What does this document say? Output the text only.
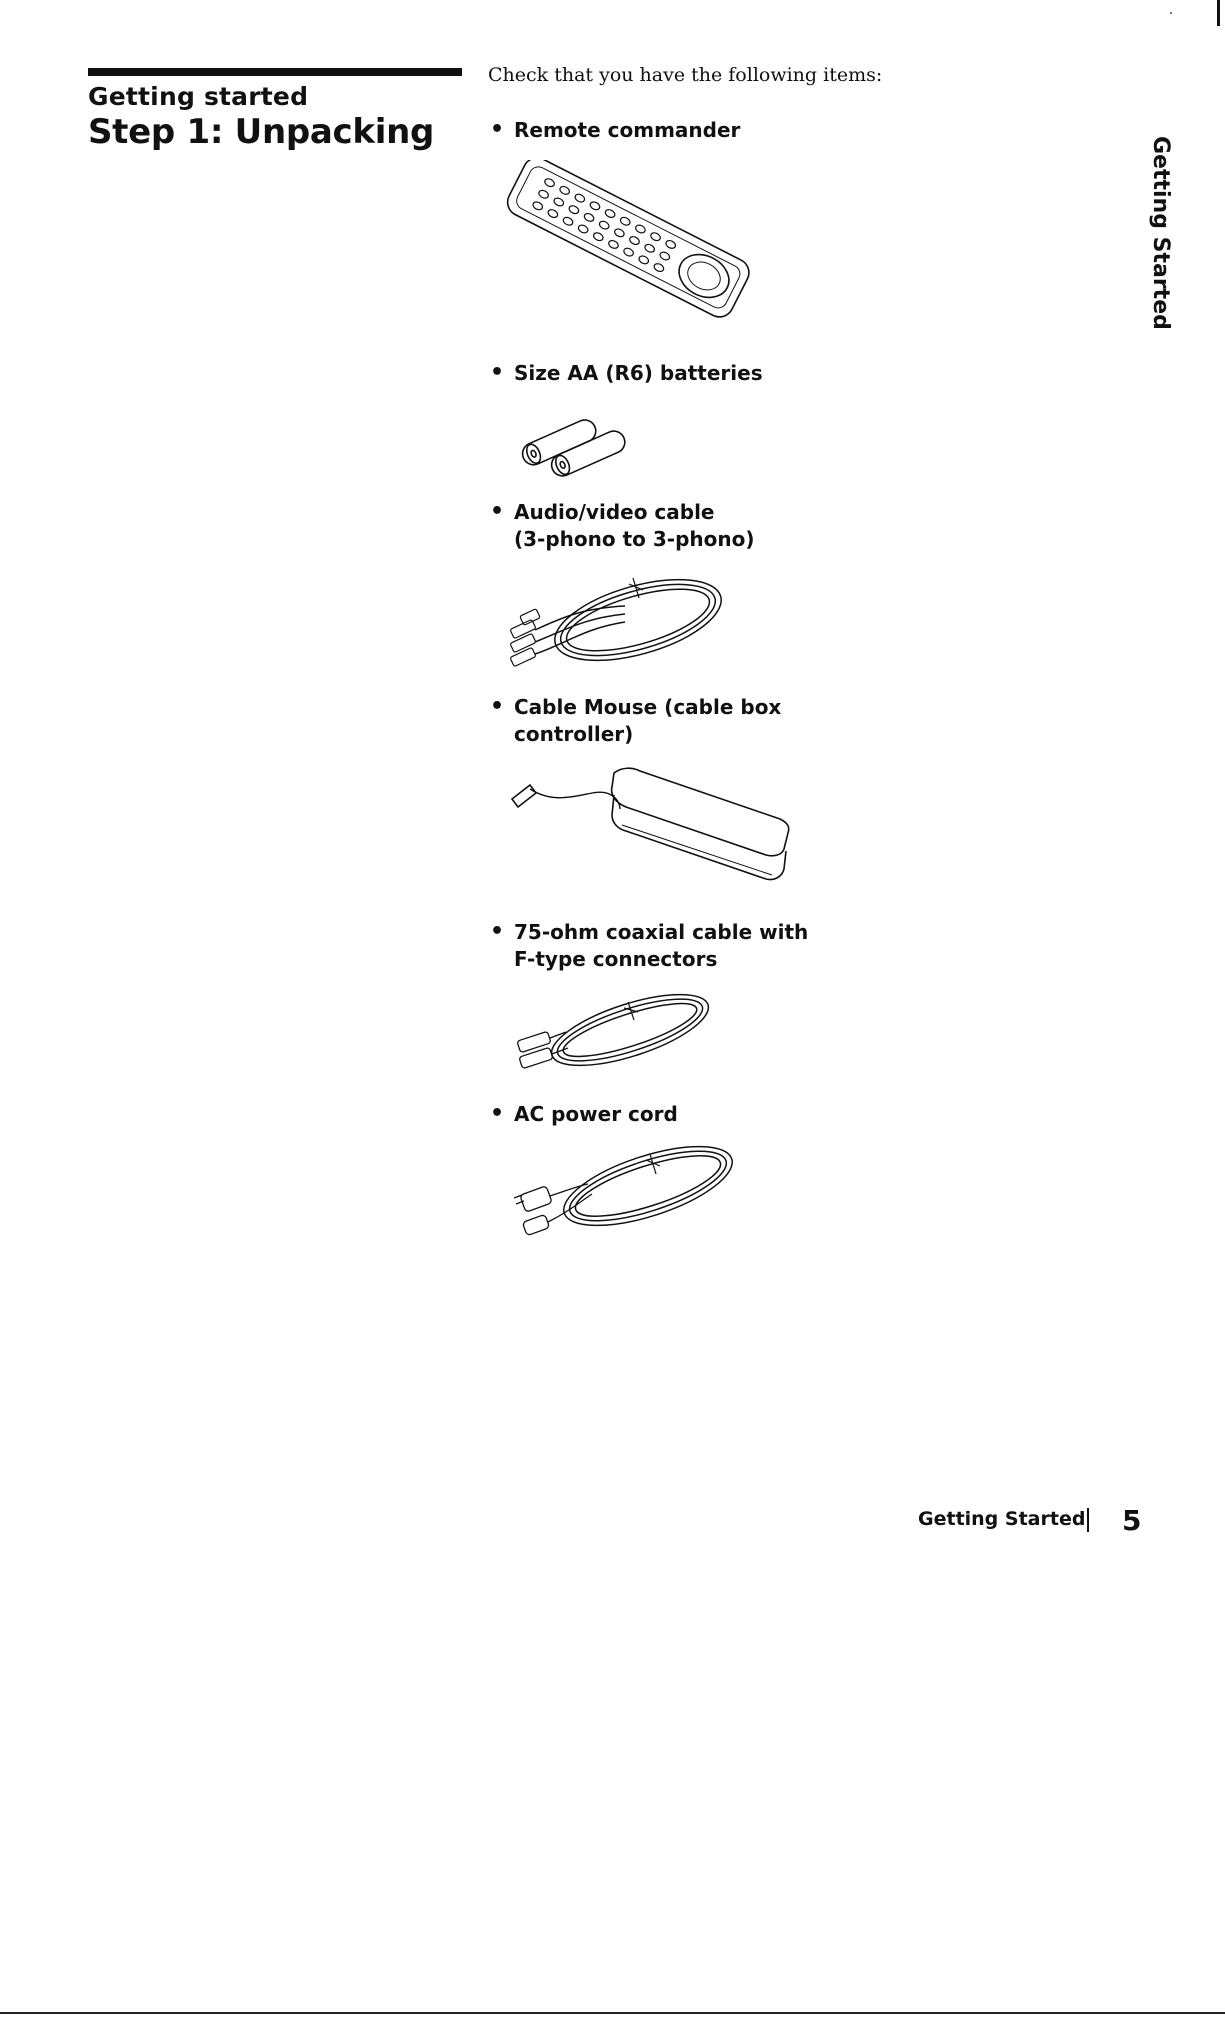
Getting started
Step 1: Unpacking
Check that you have the following items:
• Remote commander
• Size AA (R6) batteries
• Audio/video cable
(3-phono to 3-phono)
• Cable Mouse (cable box
controller)
• 75-ohm coaxial cable with
F-type connectors
• AC power cord
Getting Started
Getting Started 5
